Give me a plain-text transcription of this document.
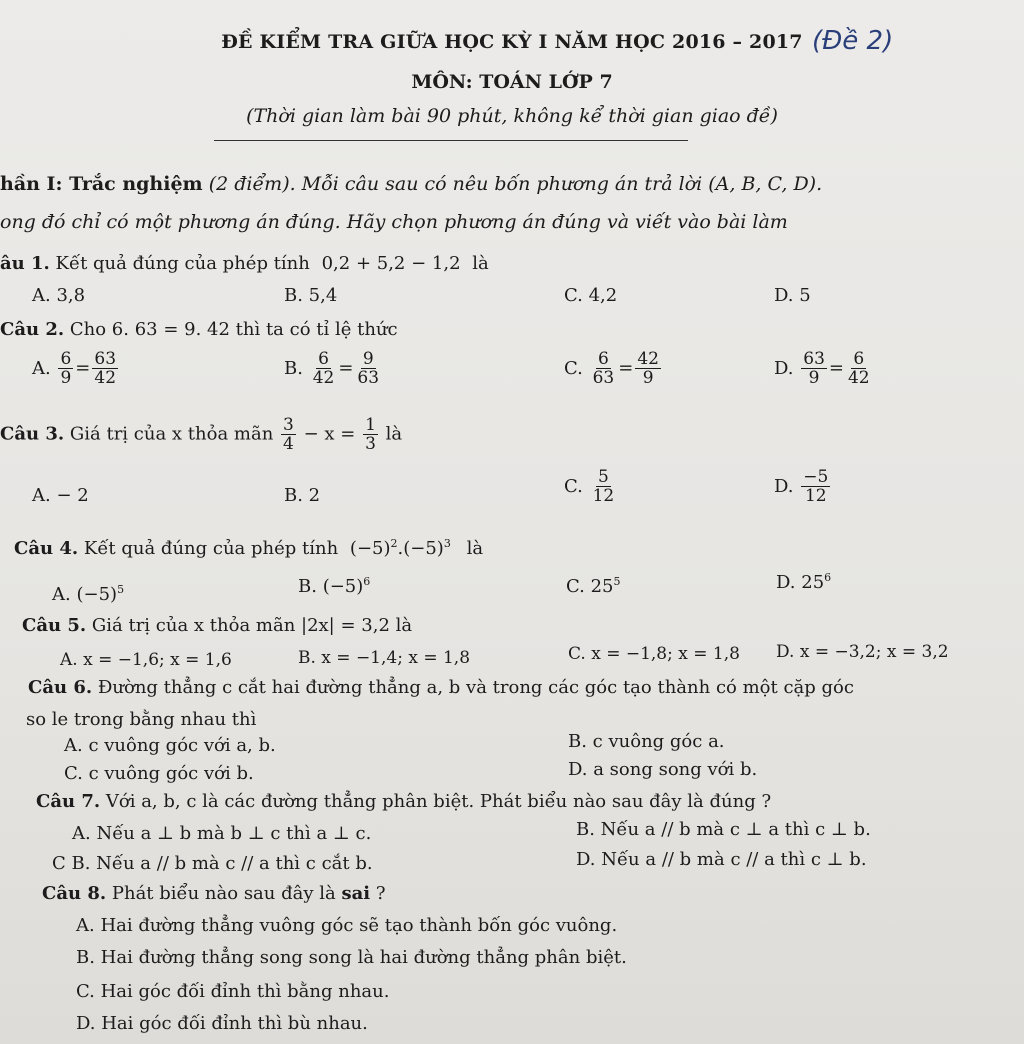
ĐỀ KIỂM TRA GIỮA HỌC KỲ I NĂM HỌC 2016 – 2017 (Đề 2)
MÔN: TOÁN LỚP 7
(Thời gian làm bài 90 phút, không kể thời gian giao đề)
hần I: Trắc nghiệm (2 điểm). Mỗi câu sau có nêu bốn phương án trả lời (A, B, C, D).
ong đó chỉ có một phương án đúng. Hãy chọn phương án đúng và viết vào bài làm
âu 1. Kết quả đúng của phép tính 0,2 + 5,2 − 1,2 là
A. 3,8	B. 5,4	C. 4,2	D. 5
Câu 2. Cho 6. 63 = 9. 42 thì ta có tỉ lệ thức
A. $\frac{6}{9} = \frac{63}{42}$	B. $\frac{6}{42} = \frac{9}{63}$	C. $\frac{6}{63} = \frac{42}{9}$	D. $\frac{63}{9} = \frac{6}{42}$
Câu 3. Giá trị của x thỏa mãn $\frac{3}{4} - x = \frac{1}{3}$ là
A. − 2	B. 2	C. $\frac{5}{12}$	D. $\frac{-5}{12}$
Câu 4. Kết quả đúng của phép tính $(-5)^2.(-5)^3$ là
A. $(-5)^5$	B. $(-5)^6$	C. $25^5$	D. $25^6$
Câu 5. Giá trị của x thỏa mãn |2x| = 3,2 là
A. x = −1,6; x = 1,6	B. x = −1,4; x = 1,8	C. x = −1,8; x = 1,8 D. x = −3,2; x = 3,2
Câu 6. Đường thẳng c cắt hai đường thẳng a, b và trong các góc tạo thành có một cặp góc
so le trong bằng nhau thì
A. c vuông góc với a, b.	B. c vuông góc a.
C. c vuông góc với b.	D. a song song với b.
Câu 7. Với a, b, c là các đường thẳng phân biệt. Phát biểu nào sau đây là đúng ?
A. Nếu a ⊥ b mà b ⊥ c thì a ⊥ c.	B. Nếu a // b mà c ⊥ a thì c ⊥ b.
C B. Nếu a // b mà c // a thì c cắt b.	D. Nếu a // b mà c // a thì c ⊥ b.
Câu 8. Phát biểu nào sau đây là sai ?
A. Hai đường thẳng vuông góc sẽ tạo thành bốn góc vuông.
B. Hai đường thẳng song song là hai đường thẳng phân biệt.
C. Hai góc đối đỉnh thì bằng nhau.
D. Hai góc đối đỉnh thì bù nhau.
